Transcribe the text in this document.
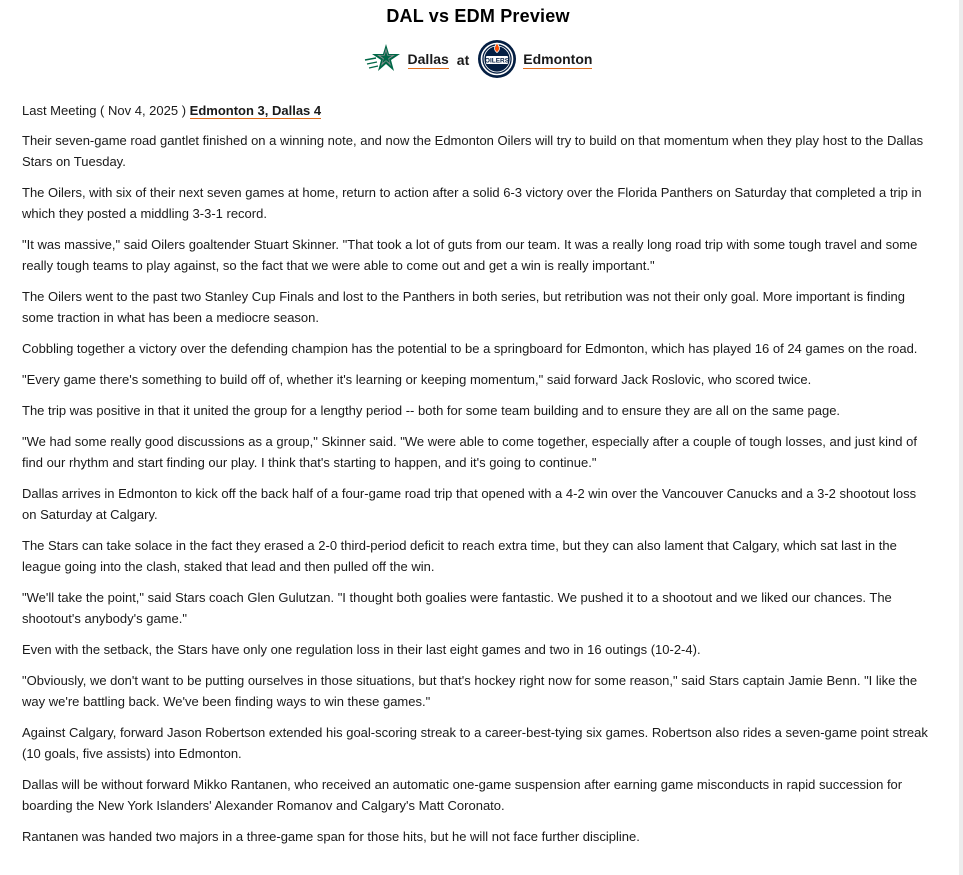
DAL vs EDM Preview
Dallas at OILERS Edmonton
Last Meeting ( Nov 4, 2025 ) Edmonton 3, Dallas 4

Their seven-game road gantlet finished on a winning note, and now the Edmonton Oilers will try to build on that momentum when they play host to the Dallas Stars on Tuesday.

The Oilers, with six of their next seven games at home, return to action after a solid 6-3 victory over the Florida Panthers on Saturday that completed a trip in which they posted a middling 3-3-1 record.

"It was massive," said Oilers goaltender Stuart Skinner. "That took a lot of guts from our team. It was a really long road trip with some tough travel and some really tough teams to play against, so the fact that we were able to come out and get a win is really important."

The Oilers went to the past two Stanley Cup Finals and lost to the Panthers in both series, but retribution was not their only goal. More important is finding some traction in what has been a mediocre season.

Cobbling together a victory over the defending champion has the potential to be a springboard for Edmonton, which has played 16 of 24 games on the road.

"Every game there's something to build off of, whether it's learning or keeping momentum," said forward Jack Roslovic, who scored twice.

The trip was positive in that it united the group for a lengthy period -- both for some team building and to ensure they are all on the same page.

"We had some really good discussions as a group," Skinner said. "We were able to come together, especially after a couple of tough losses, and just kind of find our rhythm and start finding our play. I think that's starting to happen, and it's going to continue."

Dallas arrives in Edmonton to kick off the back half of a four-game road trip that opened with a 4-2 win over the Vancouver Canucks and a 3-2 shootout loss on Saturday at Calgary.

The Stars can take solace in the fact they erased a 2-0 third-period deficit to reach extra time, but they can also lament that Calgary, which sat last in the league going into the clash, staked that lead and then pulled off the win.

"We'll take the point," said Stars coach Glen Gulutzan. "I thought both goalies were fantastic. We pushed it to a shootout and we liked our chances. The shootout's anybody's game."

Even with the setback, the Stars have only one regulation loss in their last eight games and two in 16 outings (10-2-4).

"Obviously, we don't want to be putting ourselves in those situations, but that's hockey right now for some reason," said Stars captain Jamie Benn. "I like the way we're battling back. We've been finding ways to win these games."

Against Calgary, forward Jason Robertson extended his goal-scoring streak to a career-best-tying six games. Robertson also rides a seven-game point streak (10 goals, five assists) into Edmonton.

Dallas will be without forward Mikko Rantanen, who received an automatic one-game suspension after earning game misconducts in rapid succession for boarding the New York Islanders' Alexander Romanov and Calgary's Matt Coronato.

Rantanen was handed two majors in a three-game span for those hits, but he will not face further discipline.
